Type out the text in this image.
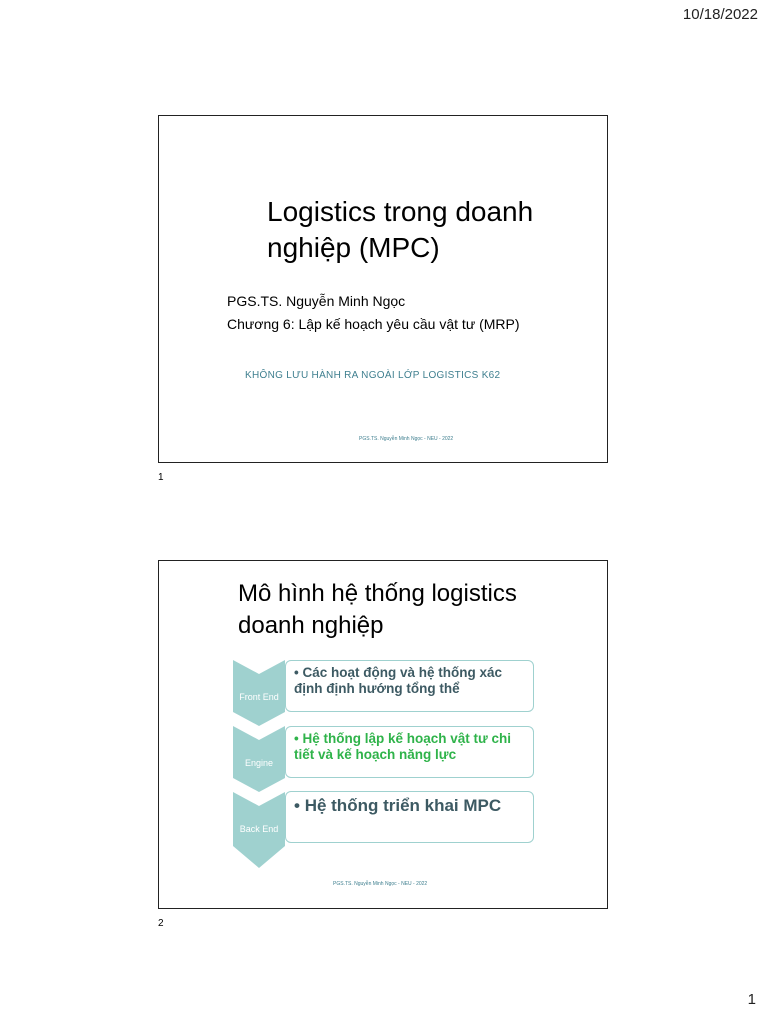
10/18/2022
Logistics trong doanh nghiệp (MPC)
PGS.TS. Nguyễn Minh Ngọc
Chương 6: Lập kế hoạch yêu cầu vật tư (MRP)
KHÔNG LƯU HÀNH RA NGOÀI LỚP LOGISTICS K62
PGS.TS. Nguyễn Minh Ngọc - NEU - 2022
1
Mô hình hệ thống logistics doanh nghiệp
Front End
Engine
Back End
• Các hoạt động và hệ thống xác định định hướng tổng thể
• Hệ thống lập kế hoạch vật tư chi tiết và kế hoạch năng lực
• Hệ thống triển khai MPC
PGS.TS. Nguyễn Minh Ngọc - NEU - 2022
2
1
